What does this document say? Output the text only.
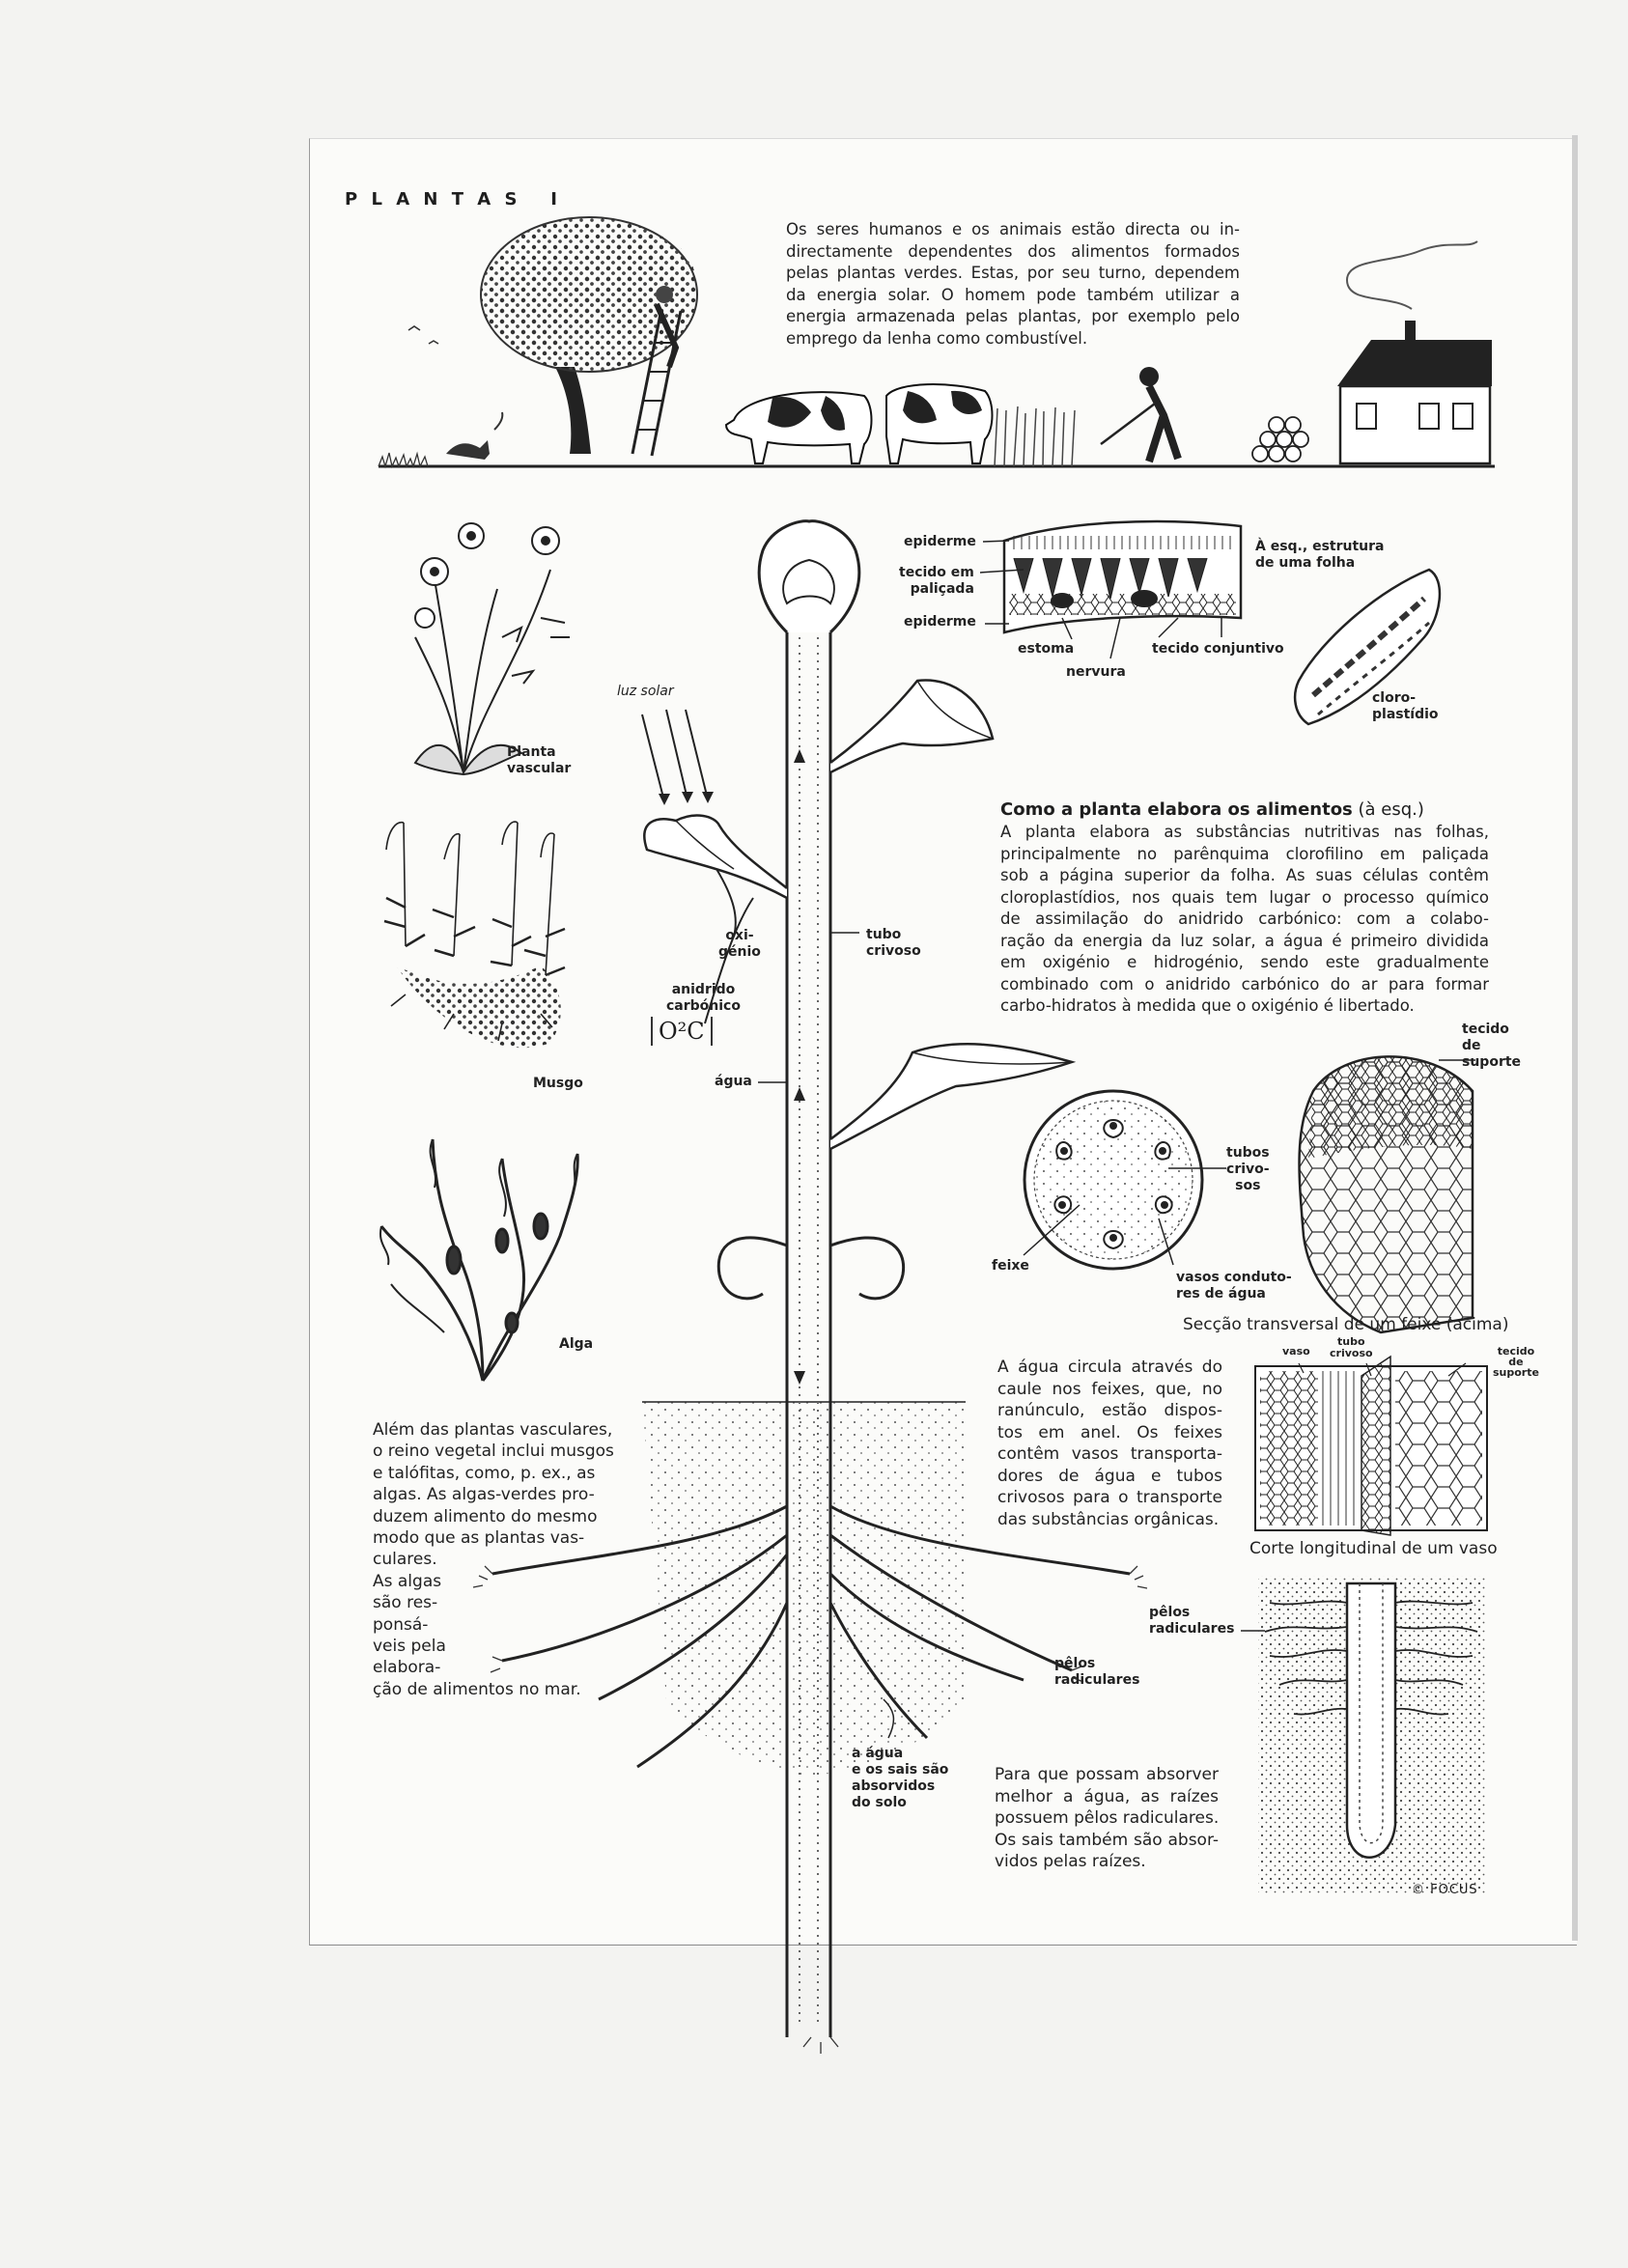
P L A N T A S   I
Os seres humanos e os animais estão directa ou in-
directamente dependentes dos alimentos formados
pelas plantas verdes. Estas, por seu turno, dependem
da energia solar. O homem pode também utilizar a
energia armazenada pelas plantas, por exemplo pelo
emprego da lenha como combustível.
Planta
vascular
Musgo
Alga
Além das plantas vasculares,
o reino vegetal inclui musgos
e talófitas, como, p. ex., as
algas. As algas-verdes pro-
duzem alimento do mesmo
modo que as plantas vas-
culares.
As algas
são res-
ponsá-
veis pela
elabora-
ção de alimentos no mar.
epiderme
tecido em
paliçada
epiderme
estoma
nervura
tecido conjuntivo
À esq., estrutura
de uma folha
cloro-
plastídio
luz solar
oxi-
génio
anidrido
carbónico
O²C
água
tubo
crivoso
a água
e os sais são
absorvidos
do solo
pêlos
radiculares
pêlos
radiculares
Como a planta elabora os alimentos (à esq.)
A planta elabora as substâncias nutritivas nas folhas,
principalmente no parênquima clorofilino em paliçada
sob a página superior da folha. As suas células contêm
cloroplastídios, nos quais tem lugar o processo químico
de assimilação do anidrido carbónico: com a colabo-
ração da energia da luz solar, a água é primeiro dividida
em oxigénio e hidrogénio, sendo este gradualmente
combinado com o anidrido carbónico do ar para formar
carbo-hidratos à medida que o oxigénio é libertado.
tecido
de
suporte
tubos
crivo-
sos
feixe
vasos conduto-
res de água
Secção transversal de um feixe (acima)
A água circula através do
caule nos feixes, que, no
ranúnculo, estão dispos-
tos em anel. Os feixes
contêm vasos transporta-
dores de água e tubos
crivosos para o transporte
das substâncias orgânicas.
vaso
tubo
crivoso	tecido
de
suporte
Corte longitudinal de um vaso
Para que possam absorver
melhor a água, as raízes
possuem pêlos radiculares.
Os sais também são absor-
vidos pelas raízes.
© FOCUS
